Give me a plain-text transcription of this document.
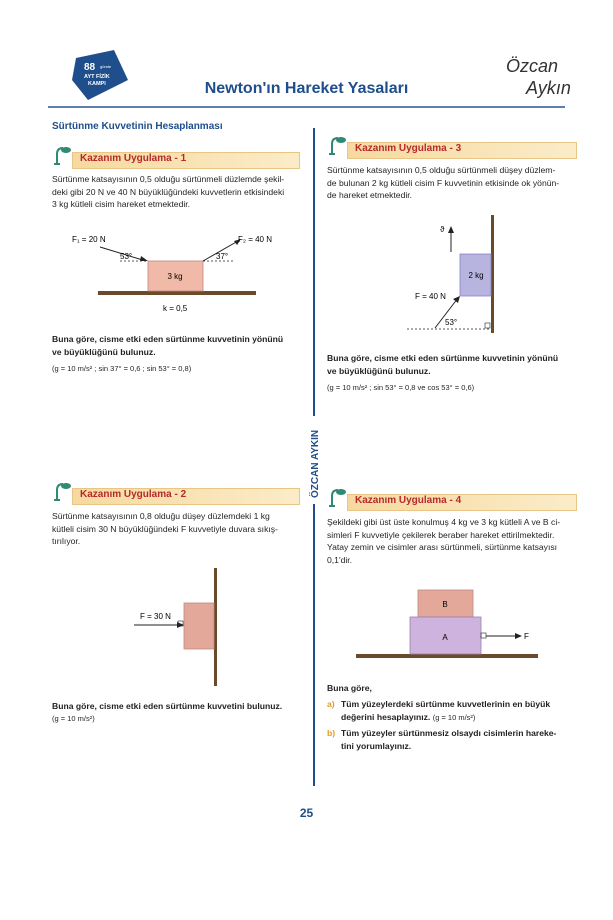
88 günde
AYT FİZİK
KAMPI	Newton'ın Hareket Yasaları
Özcan
Aykın
Sürtünme Kuvvetinin Hesaplanması
ÖZCAN AYKIN
Kazanım Uygulama - 1
Sürtünme katsayısının 0,5 olduğu sürtünmeli düzlemde şekil-
deki gibi 20 N ve 40 N büyüklüğündeki kuvvetlerin etkisindeki
3 kg kütleli cisim hareket etmektedir.
3 kg
F₁ = 20 N	F₂ = 40 N
53°	37°
k = 0,5
Buna göre, cisme etki eden sürtünme kuvvetinin yönünü
ve büyüklüğünü bulunuz.
(g = 10 m/s² ; sin 37° = 0,6 ; sin 53° = 0,8)
Kazanım Uygulama - 2
Sürtünme katsayısının 0,8 olduğu düşey düzlemdeki 1 kg
kütleli cisim 30 N büyüklüğündeki F kuvvetiyle duvara sıkış-
tırılıyor.
F = 30 N
Buna göre, cisme etki eden sürtünme kuvvetini bulunuz.
(g = 10 m/s²)
Kazanım Uygulama - 3
Sürtünme katsayısının 0,5 olduğu sürtünmeli düşey düzlem-
de bulunan 2 kg kütleli cisim F kuvvetinin etkisinde ok yönün-
de hareket etmektedir.
2 kg
ϑ
F = 40 N
53°
Buna göre, cisme etki eden sürtünme kuvvetinin yönünü
ve büyüklüğünü bulunuz.
(g = 10 m/s² ; sin 53° = 0,8 ve cos 53° = 0,6)
Kazanım Uygulama - 4
Şekildeki gibi üst üste konulmuş 4 kg ve 3 kg kütleli A ve B ci-
simleri F kuvvetiyle çekilerek beraber hareket ettirilmektedir.
Yatay zemin ve cisimler arası sürtünmeli, sürtünme katsayısı
0,1'dir.
B
A	F
Buna göre,
a) Tüm yüzeylerdeki sürtünme kuvvetlerinin en büyük
değerini hesaplayınız. (g = 10 m/s²)
b) Tüm yüzeyler sürtünmesiz olsaydı cisimlerin hareke-
tini yorumlayınız.
25
